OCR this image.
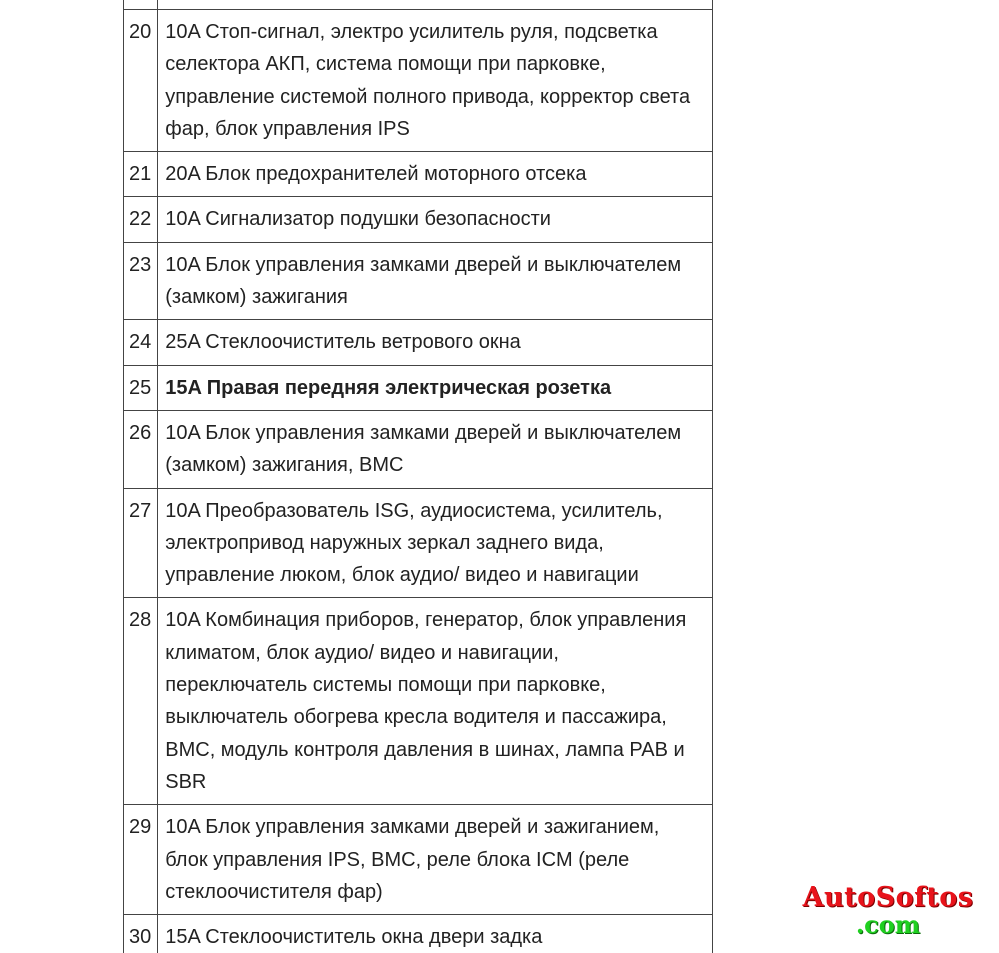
20	10A Стоп-сигнал, электро усилитель руля, подсветка селектора АКП, система помощи при парковке, управление системой полного привода, корректор света фар, блок управления IPS
21	20A Блок предохранителей моторного отсека
22	10A Сигнализатор подушки безопасности
23	10A Блок управления замками дверей и выключателем (замком) зажигания
24	25A Стеклоочиститель ветрового окна
25	15A Правая передняя электрическая розетка
26	10A Блок управления замками дверей и выключателем (замком) зажигания, BMC
27	10A Преобразователь ISG, аудиосистема, усилитель, электропривод наружных зеркал заднего вида, управление люком, блок аудио/ видео и навигации
28	10A Комбинация приборов, генератор, блок управления климатом, блок аудио/ видео и навигации, переключатель системы помощи при парковке, выключатель обогрева кресла водителя и пассажира, BMC, модуль контроля давления в шинах, лампа PAB и SBR
29	10A Блок управления замками дверей и зажиганием, блок управления IPS, BMC, реле блока ICM (реле стеклоочистителя фар)
30	15A Стеклоочиститель окна двери задка

AutoSoftos
.com
